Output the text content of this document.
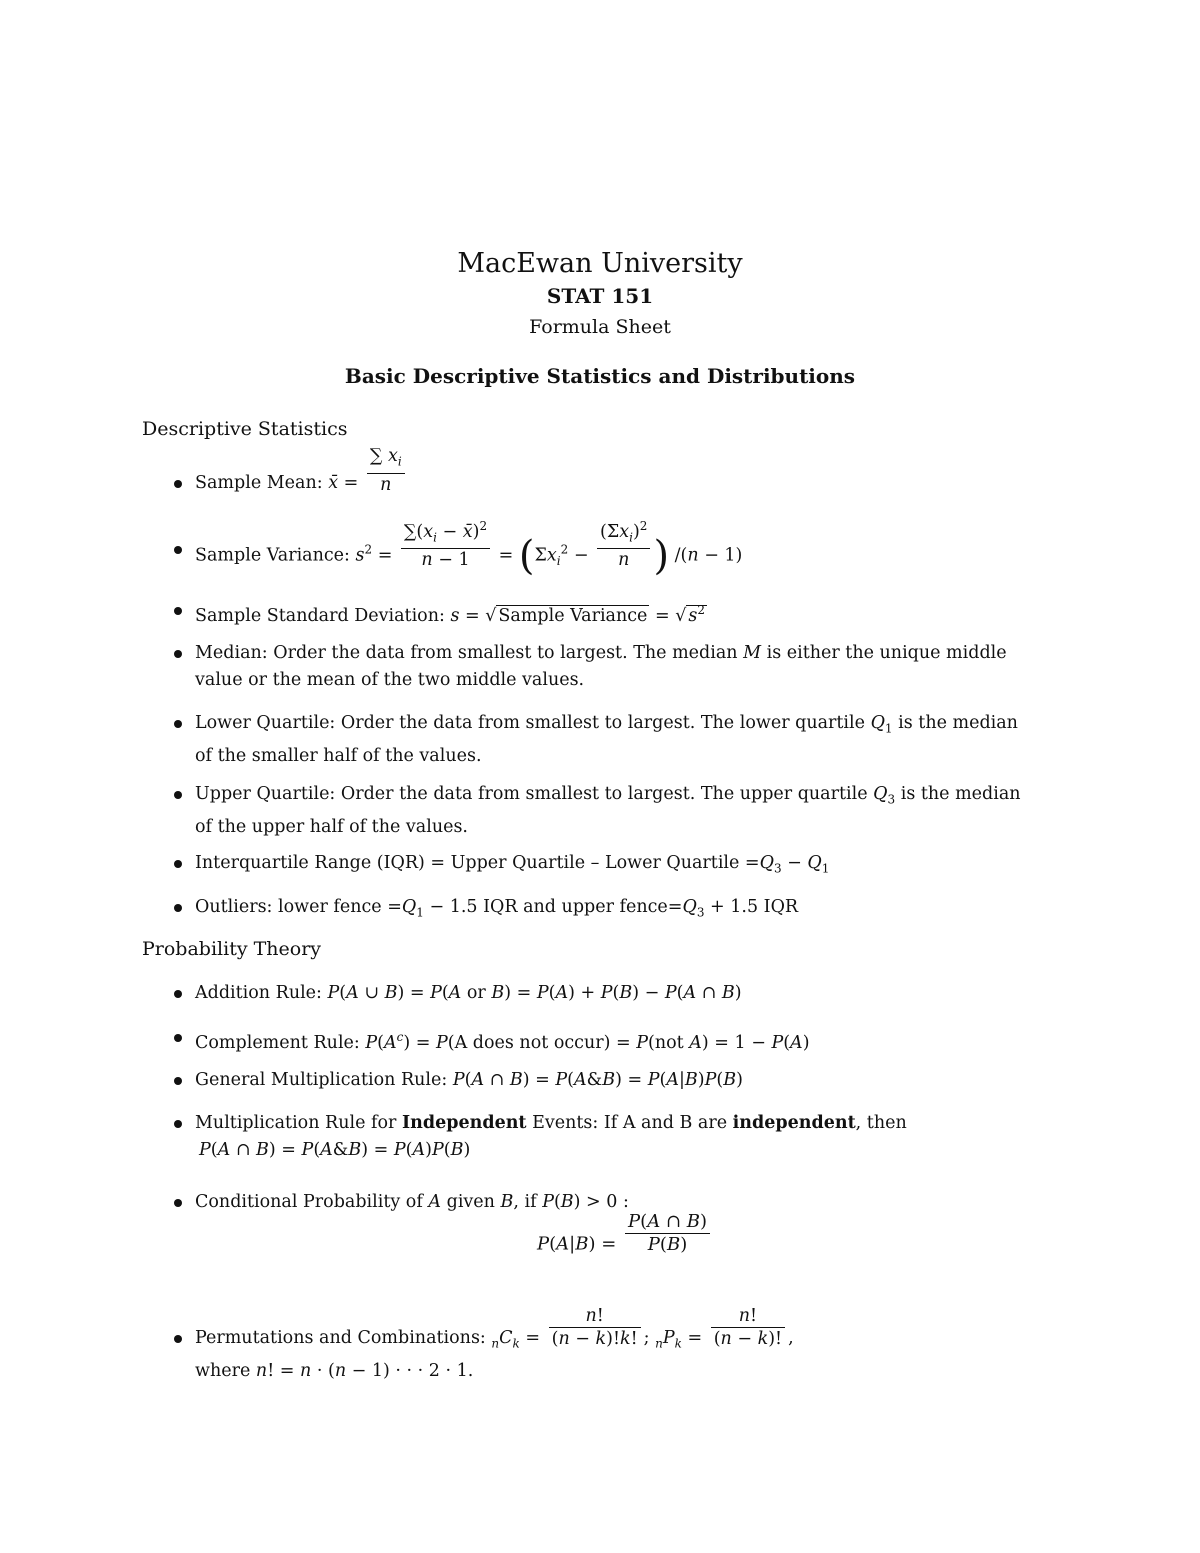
MacEwan University
STAT 151
Formula Sheet
Basic Descriptive Statistics and Distributions
Descriptive Statistics
Sample Mean: x̄ = $\frac{\sum x_i}{n}$
Sample Variance: $s^2 = \frac{\sum(x_i - x̄)^2}{n - 1} = (\Sigma x_i^2 - \frac{(\Sigma x_i)^2}{n}$ ) /(n − 1)
Sample Standard Deviation: s = √ Sample Variance = √ $s^2$
Median: Order the data from smallest to largest. The median M is either the unique middle
value or the mean of the two middle values.
Lower Quartile: Order the data from smallest to largest. The lower quartile $Q_1$ is the median
of the smaller half of the values.
Upper Quartile: Order the data from smallest to largest. The upper quartile $Q_3$ is the median
of the upper half of the values.
Interquartile Range (IQR) = Upper Quartile – Lower Quartile $=Q_3 - Q_1$
Outliers: lower fence $=Q_1 - 1.5$ IQR and upper $fence=Q_3 + 1.5$ IQR
Probability Theory
Addition Rule: P(A ∪ B) = P(A or B) = P(A) + P(B) − P(A ∩ B)
Complement Rule: $P(A^c) = P(A$ does not occur) = P(not A) = 1 − P(A)
General Multiplication Rule: P(A ∩ B) = P(A&B) = P(A|B)P(B)
Multiplication Rule for Independent Events: If A and B are independent, then
P(A ∩ B) = P(A&B) = P(A)P(B)
Conditional Probability of A given B, if P(B) > 0 :
$P(A|B) = \frac{P(A \cap B)}{P(B)}$
Permutations and Combinations: $_nC_k = \frac{n!}{(n - k)!k!}$ ; $_nP_k = \frac{n!}{(n - k)!}$ ,
where n! = n · (n − 1) · · · 2 · 1.
